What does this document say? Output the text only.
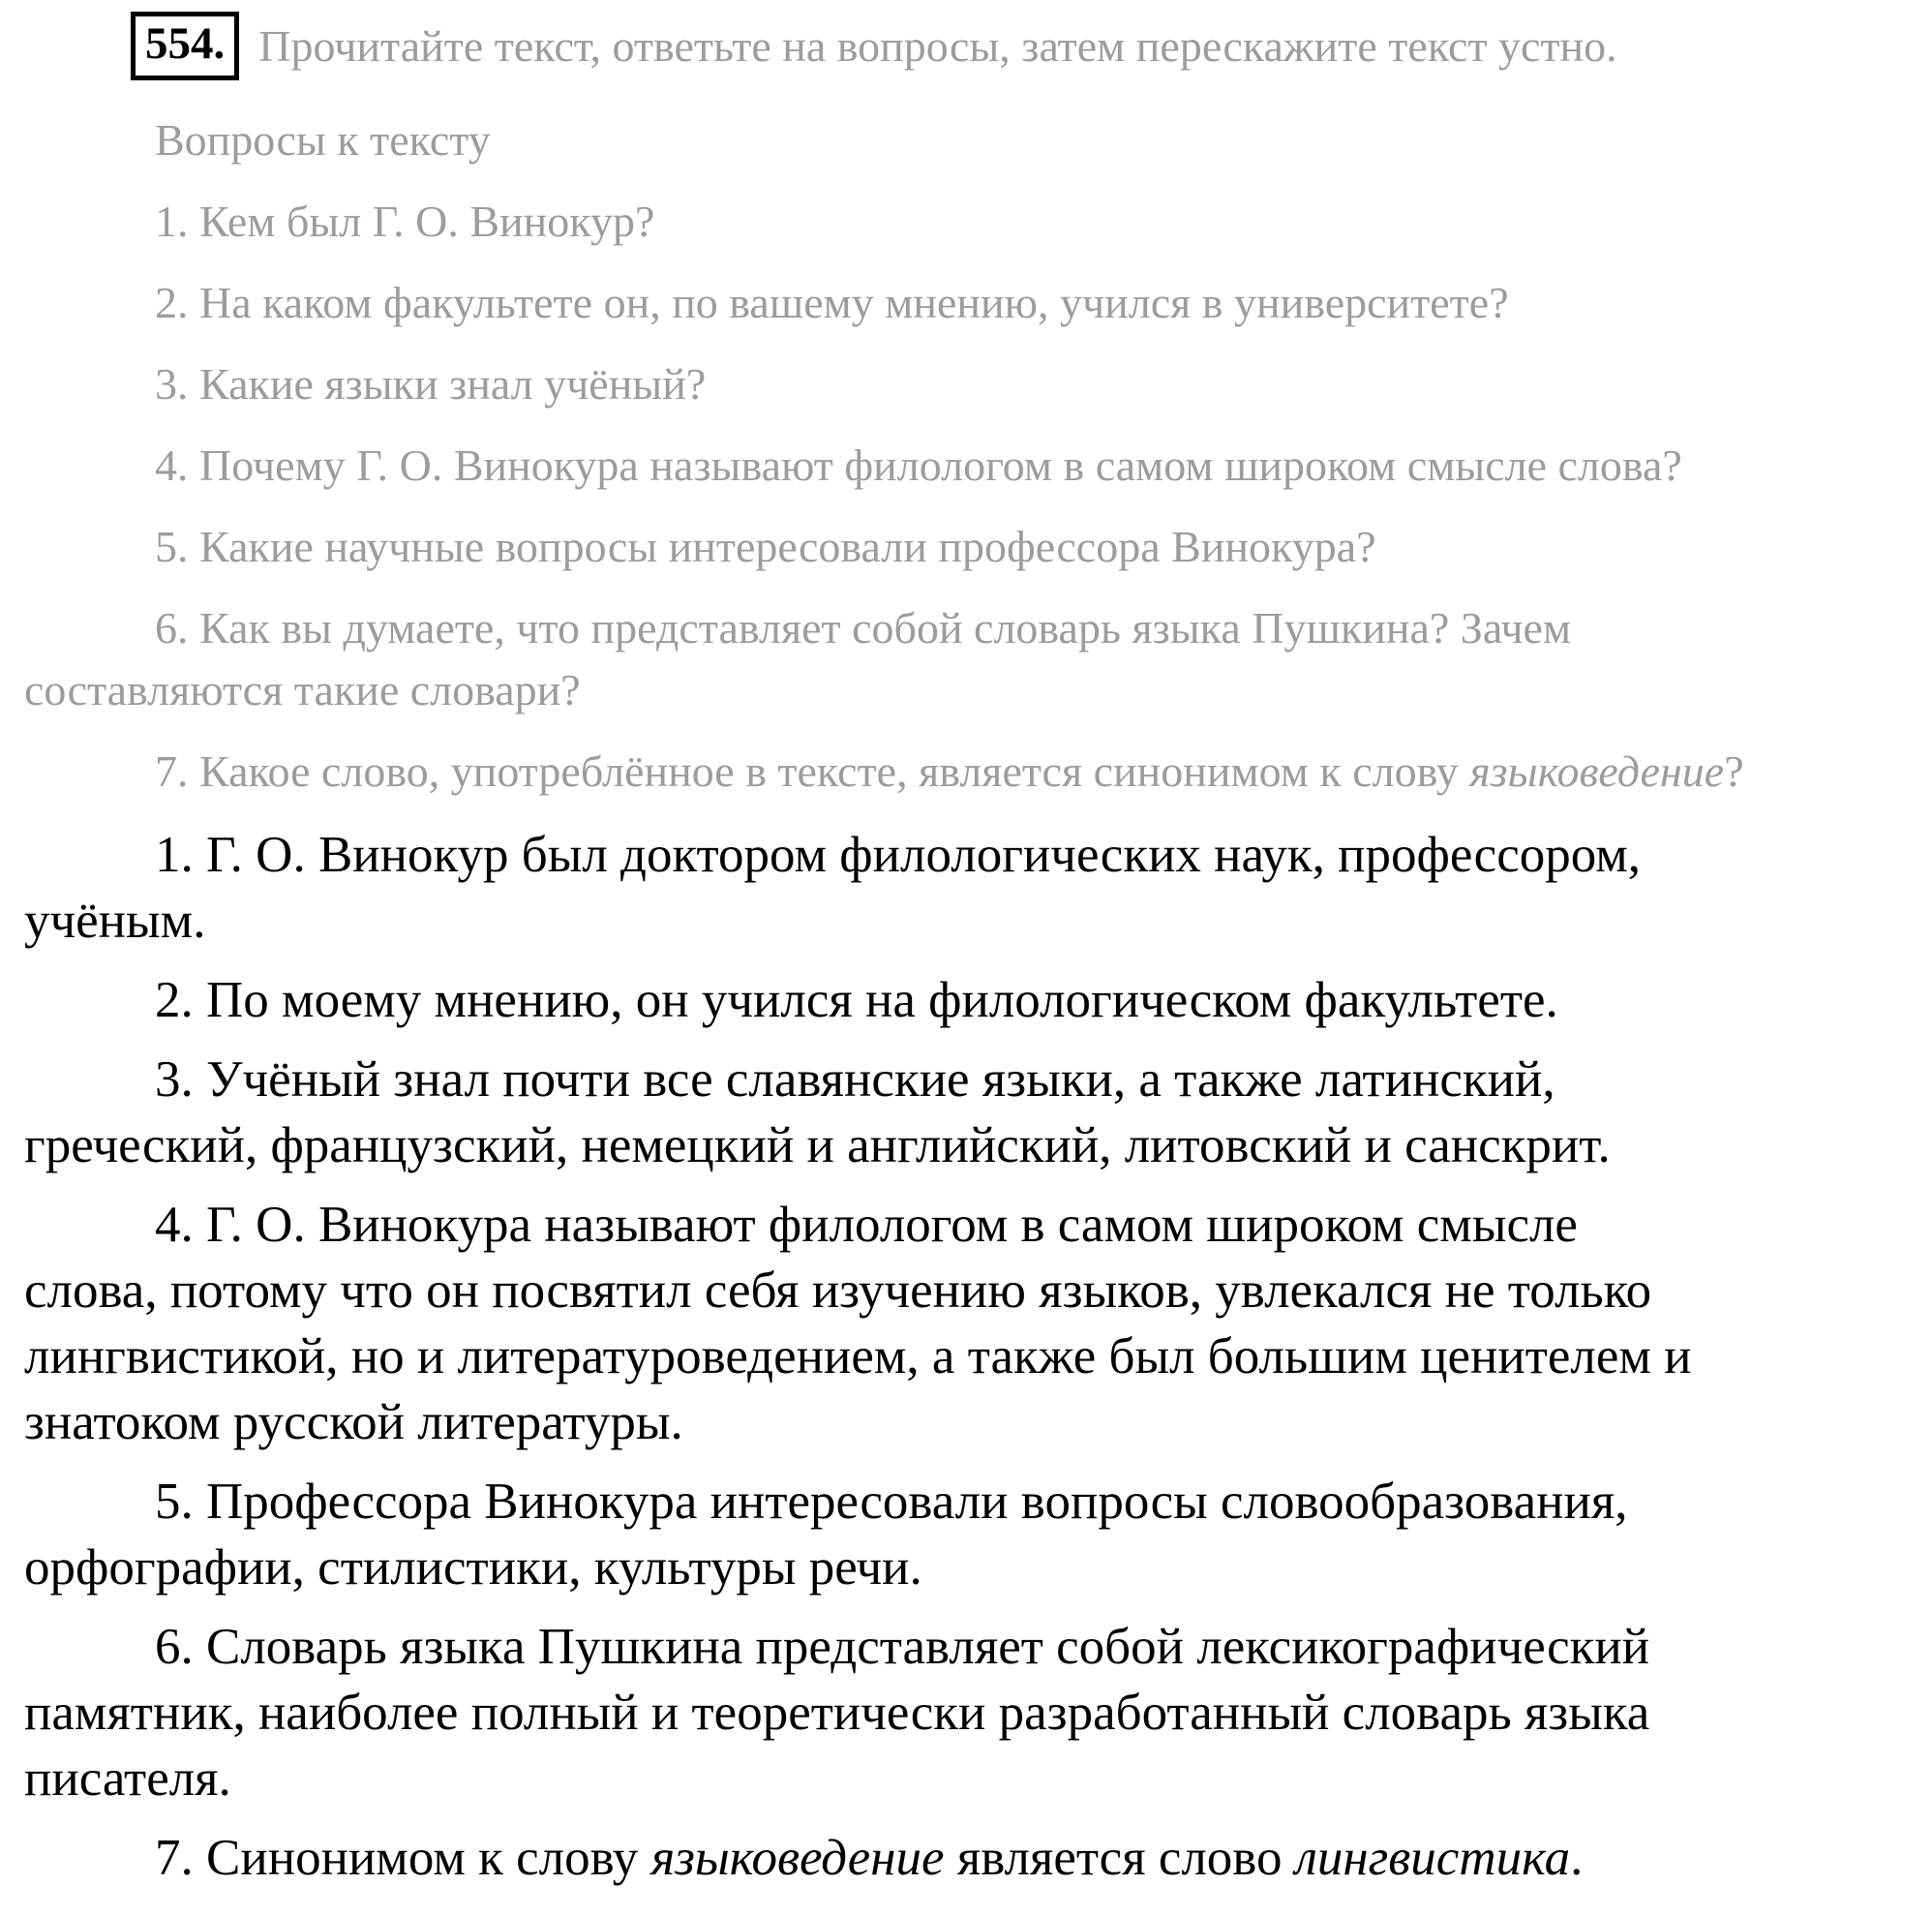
554. Прочитайте текст, ответьте на вопросы, затем перескажите текст устно.

Вопросы к тексту

1. Кем был Г. О. Винокур?

2. На каком факультете он, по вашему мнению, учился в университете?

3. Какие языки знал учёный?

4. Почему Г. О. Винокура называют филологом в самом широком смысле слова?

5. Какие научные вопросы интересовали профессора Винокура?

6. Как вы думаете, что представляет собой словарь языка Пушкина? Зачем
составляются такие словари?

7. Какое слово, употреблённое в тексте, является синонимом к слову языковедение?

1. Г. О. Винокур был доктором филологических наук, профессором,
учёным.

2. По моему мнению, он учился на филологическом факультете.

3. Учёный знал почти все славянские языки, а также латинский,
греческий, французский, немецкий и английский, литовский и санскрит.

4. Г. О. Винокура называют филологом в самом широком смысле
слова, потому что он посвятил себя изучению языков, увлекался не только
лингвистикой, но и литературоведением, а также был большим ценителем и
знатоком русской литературы.

5. Профессора Винокура интересовали вопросы словообразования,
орфографии, стилистики, культуры речи.

6. Словарь языка Пушкина представляет собой лексикографический
памятник, наиболее полный и теоретически разработанный словарь языка
писателя.

7. Синонимом к слову языковедение является слово лингвистика.
